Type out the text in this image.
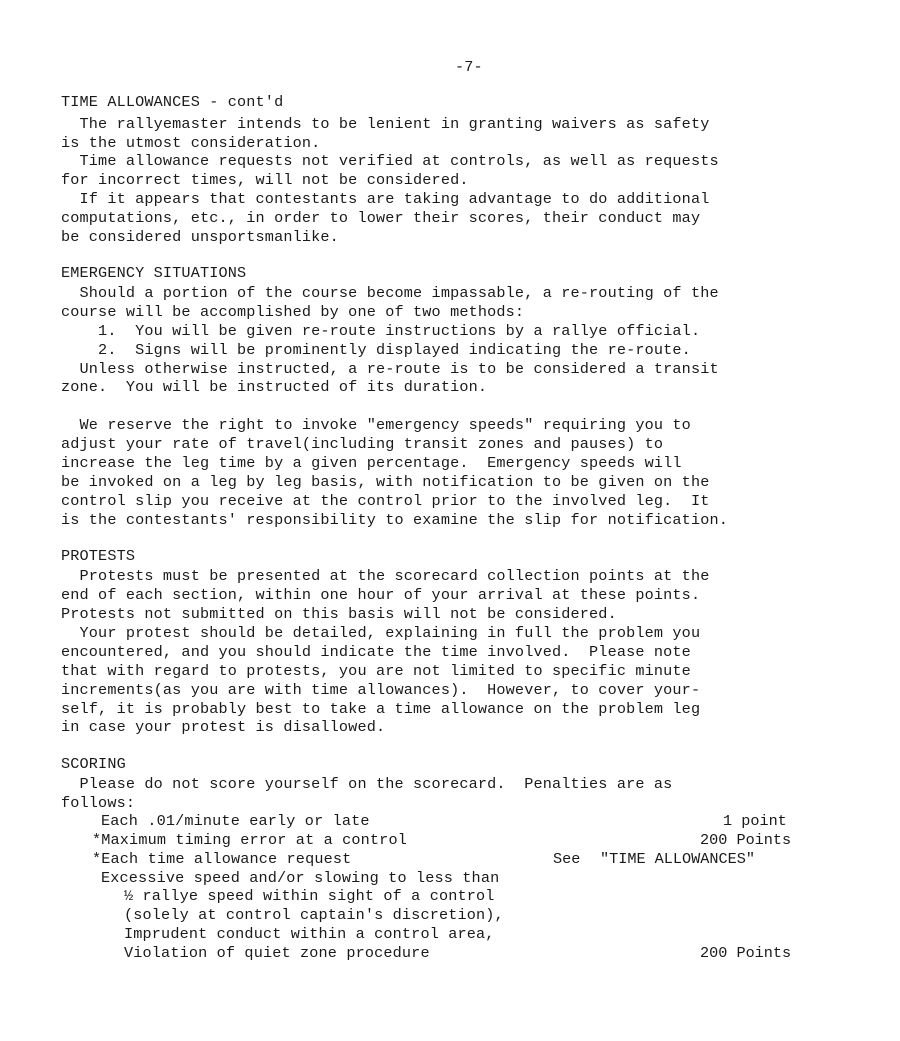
-7-
TIME ALLOWANCES - cont'd
The rallyemaster intends to be lenient in granting waivers as safety
is the utmost consideration.
Time allowance requests not verified at controls, as well as requests
for incorrect times, will not be considered.
If it appears that contestants are taking advantage to do additional
computations, etc., in order to lower their scores, their conduct may
be considered unsportsmanlike.
EMERGENCY SITUATIONS
Should a portion of the course become impassable, a re-routing of the
course will be accomplished by one of two methods:
1.  You will be given re-route instructions by a rallye official.
2.  Signs will be prominently displayed indicating the re-route.
Unless otherwise instructed, a re-route is to be considered a transit
zone.  You will be instructed of its duration.
We reserve the right to invoke "emergency speeds" requiring you to
adjust your rate of travel(including transit zones and pauses) to
increase the leg time by a given percentage.  Emergency speeds will
be invoked on a leg by leg basis, with notification to be given on the
control slip you receive at the control prior to the involved leg.  It
is the contestants' responsibility to examine the slip for notification.
PROTESTS
Protests must be presented at the scorecard collection points at the
end of each section, within one hour of your arrival at these points.
Protests not submitted on this basis will not be considered.
Your protest should be detailed, explaining in full the problem you
encountered, and you should indicate the time involved.  Please note
that with regard to protests, you are not limited to specific minute
increments(as you are with time allowances).  However, to cover your-
self, it is probably best to take a time allowance on the problem leg
in case your protest is disallowed.
SCORING
Please do not score yourself on the scorecard.  Penalties are as
follows:
Each .01/minute early or late	1 point
*Maximum timing error at a control	200 Points
*Each time allowance request	See "TIME ALLOWANCES"
Excessive speed and/or slowing to less than
½ rallye speed within sight of a control
(solely at control captain's discretion),
Imprudent conduct within a control area,
Violation of quiet zone procedure	200 Points
